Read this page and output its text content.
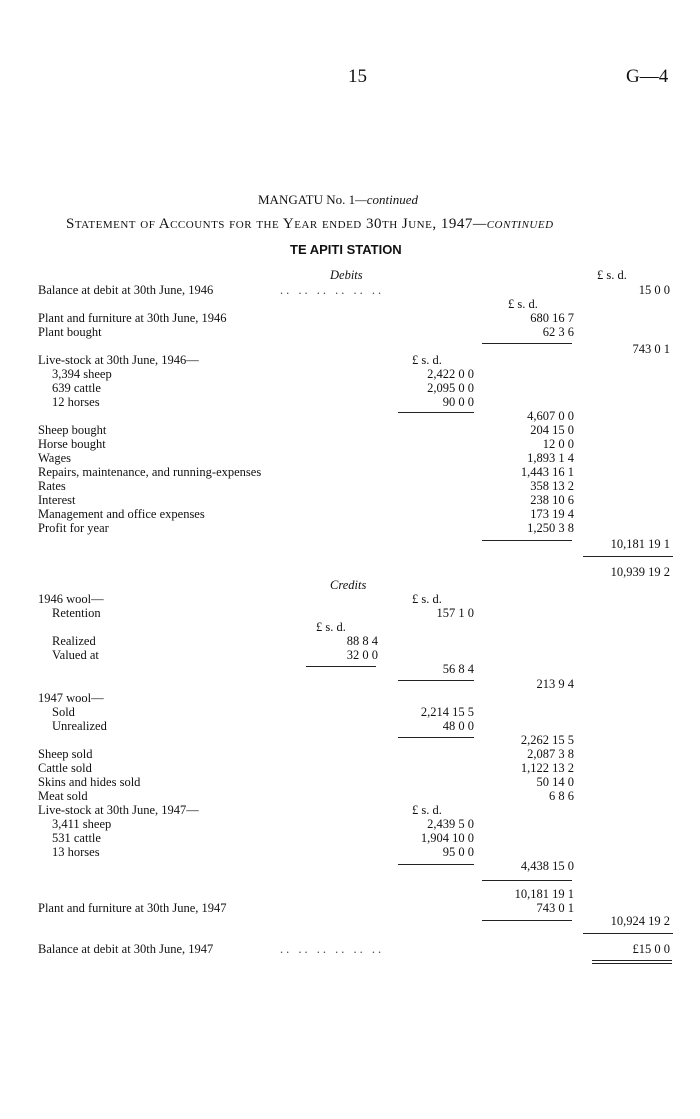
15	G—4
MANGATU No. 1—continued
Statement of Accounts for the Year ended 30th June, 1947—continued
TE APITI STATION
Debits	£ s. d.
Balance at debit at 30th June, 1946	.. .. .. .. .. ..	15 0 0
£ s. d.
Plant and furniture at 30th June, 1946	680 16 7
Plant bought	62 3 6
743 0 1
Live-stock at 30th June, 1946—	£ s. d.
3,394 sheep	2,422 0 0
639 cattle	2,095 0 0
12 horses	90 0 0
4,607 0 0
Sheep bought	204 15 0
Horse bought	12 0 0
Wages	1,893 1 4
Repairs, maintenance, and running-expenses	1,443 16 1
Rates	358 13 2
Interest	238 10 6
Management and office expenses	173 19 4
Profit for year	1,250 3 8
10,181 19 1
10,939 19 2
Credits
1946 wool—	£ s. d.
Retention	157 1 0
£ s. d.
Realized	88 8 4
Valued at	32 0 0
56 8 4
213 9 4
1947 wool—
Sold	2,214 15 5
Unrealized	48 0 0
2,262 15 5
Sheep sold	2,087 3 8
Cattle sold	1,122 13 2
Skins and hides sold	50 14 0
Meat sold	6 8 6
Live-stock at 30th June, 1947—	£ s. d.
3,411 sheep	2,439 5 0
531 cattle	1,904 10 0
13 horses	95 0 0
4,438 15 0
10,181 19 1
Plant and furniture at 30th June, 1947	743 0 1
10,924 19 2
Balance at debit at 30th June, 1947	.. .. .. .. .. ..	£15 0 0
